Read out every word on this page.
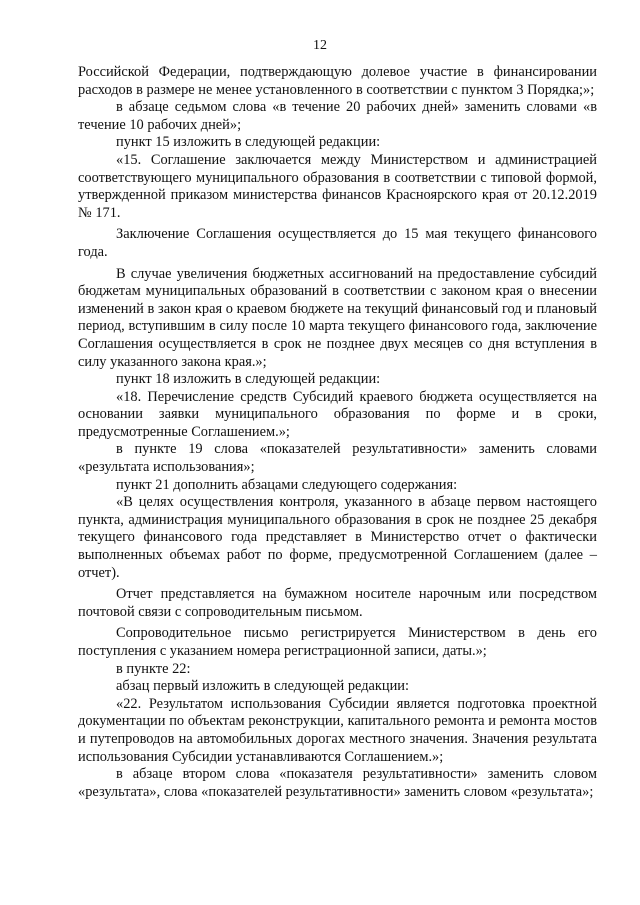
12

Российской Федерации, подтверждающую долевое участие в финансировании расходов в размере не менее установленного в соответствии с пунктом 3 Порядка;»;

в абзаце седьмом слова «в течение 20 рабочих дней» заменить словами «в течение 10 рабочих дней»;

пункт 15 изложить в следующей редакции:

«15. Соглашение заключается между Министерством и администрацией соответствующего муниципального образования в соответствии с типовой формой, утвержденной приказом министерства финансов Красноярского края от 20.12.2019 № 171.

Заключение Соглашения осуществляется до 15 мая текущего финансового года.

В случае увеличения бюджетных ассигнований на предоставление субсидий бюджетам муниципальных образований в соответствии с законом края о внесении изменений в закон края о краевом бюджете на текущий финансовый год и плановый период, вступившим в силу после 10 марта текущего финансового года, заключение Соглашения осуществляется в срок не позднее двух месяцев со дня вступления в силу указанного закона края.»;

пункт 18 изложить в следующей редакции:

«18. Перечисление средств Субсидий краевого бюджета осуществляется на основании заявки муниципального образования по форме и в сроки, предусмотренные Соглашением.»;

в пункте 19 слова «показателей результативности» заменить словами «результата использования»;

пункт 21 дополнить абзацами следующего содержания:

«В целях осуществления контроля, указанного в абзаце первом настоящего пункта, администрация муниципального образования в срок не позднее 25 декабря текущего финансового года представляет в Министерство отчет о фактически выполненных объемах работ по форме, предусмотренной Соглашением (далее – отчет).

Отчет представляется на бумажном носителе нарочным или посредством почтовой связи с сопроводительным письмом.

Сопроводительное письмо регистрируется Министерством в день его поступления с указанием номера регистрационной записи, даты.»;

в пункте 22:

абзац первый изложить в следующей редакции:

«22. Результатом использования Субсидии является подготовка проектной документации по объектам реконструкции, капитального ремонта и ремонта мостов и путепроводов на автомобильных дорогах местного значения. Значения результата использования Субсидии устанавливаются Соглашением.»;

в абзаце втором слова «показателя результативности» заменить словом «результата», слова «показателей результативности» заменить словом «результата»;
